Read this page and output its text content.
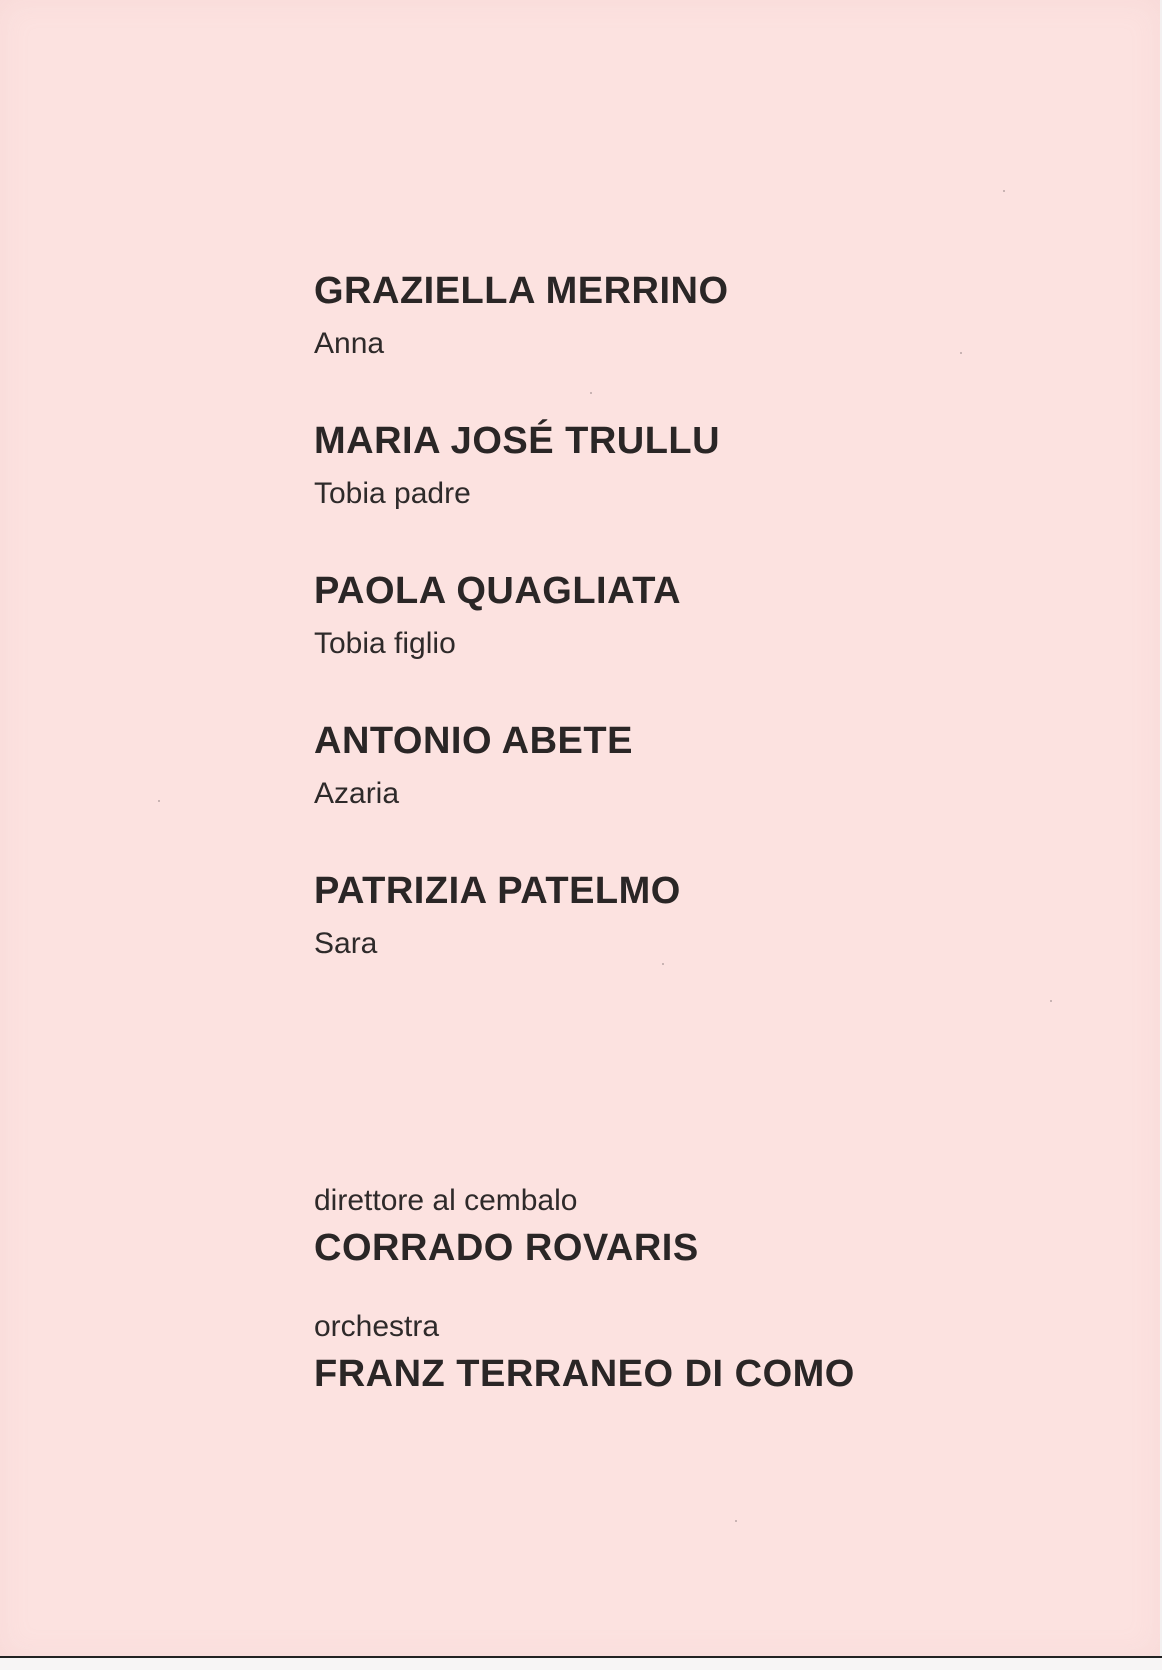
GRAZIELLA MERRINO
Anna
MARIA JOSÉ TRULLU
Tobia padre
PAOLA QUAGLIATA
Tobia figlio
ANTONIO ABETE
Azaria
PATRIZIA PATELMO
Sara
direttore al cembalo
CORRADO ROVARIS
orchestra
FRANZ TERRANEO DI COMO
